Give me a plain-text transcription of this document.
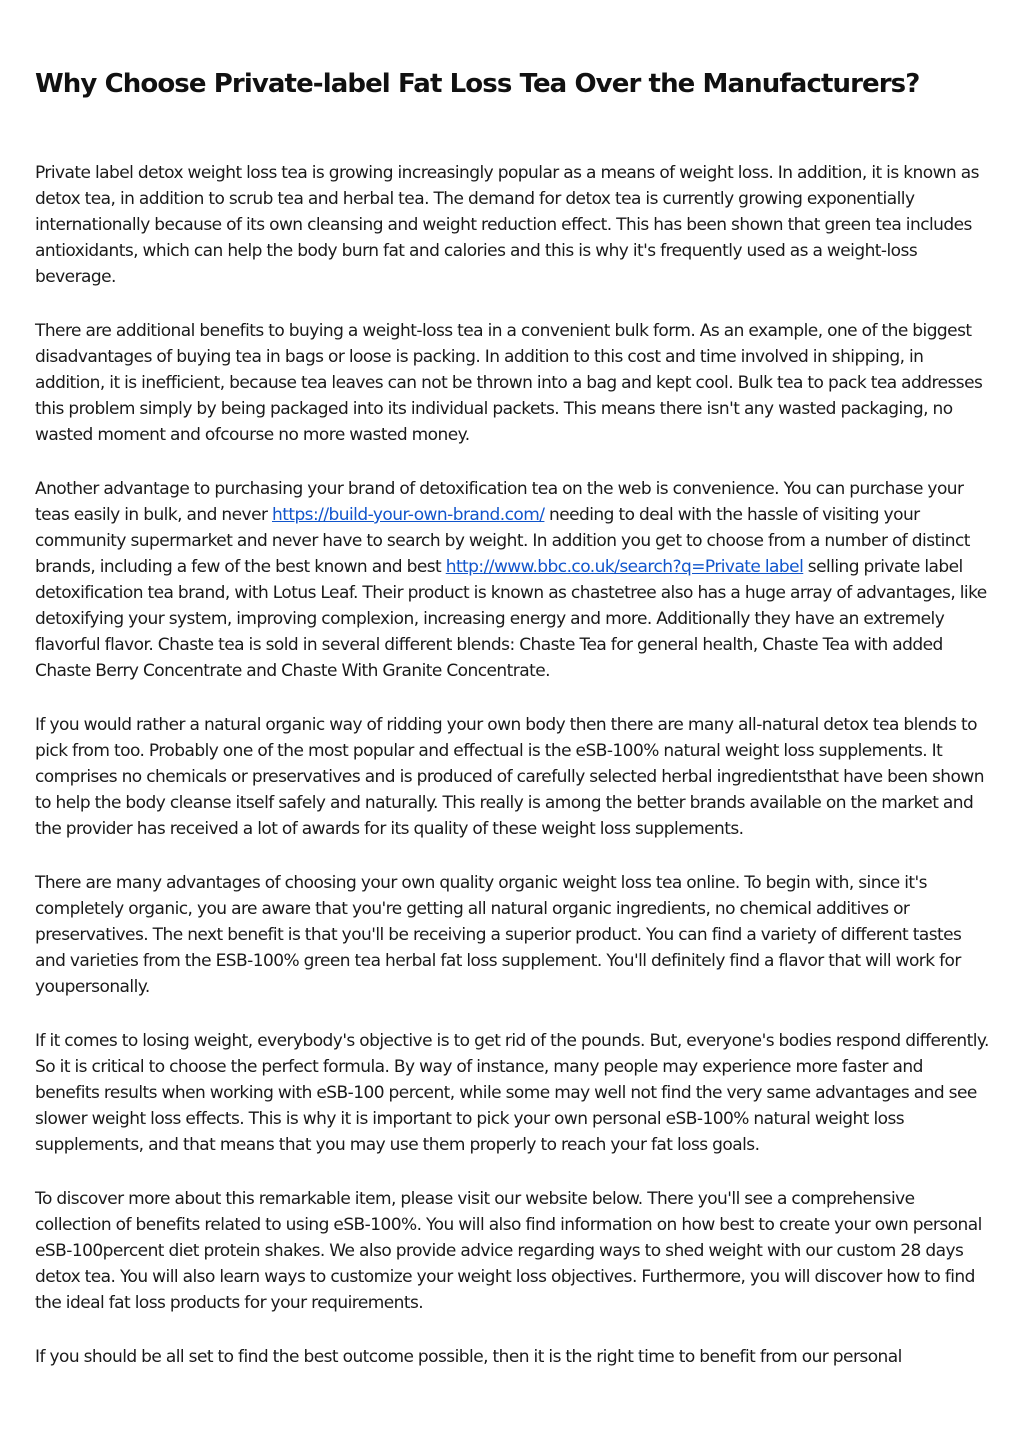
Why Choose Private-label Fat Loss Tea Over the Manufacturers?

Private label detox weight loss tea is growing increasingly popular as a means of weight loss. In addition, it is known as detox tea, in addition to scrub tea and herbal tea. The demand for detox tea is currently growing exponentially internationally because of its own cleansing and weight reduction effect. This has been shown that green tea includes antioxidants, which can help the body burn fat and calories and this is why it's frequently used as a weight-loss beverage.

There are additional benefits to buying a weight-loss tea in a convenient bulk form. As an example, one of the biggest disadvantages of buying tea in bags or loose is packing. In addition to this cost and time involved in shipping, in addition, it is inefficient, because tea leaves can not be thrown into a bag and kept cool. Bulk tea to pack tea addresses this problem simply by being packaged into its individual packets. This means there isn't any wasted packaging, no wasted moment and ofcourse no more wasted money.

Another advantage to purchasing your brand of detoxification tea on the web is convenience. You can purchase your teas easily in bulk, and never https://build-your-own-brand.com/ needing to deal with the hassle of visiting your community supermarket and never have to search by weight. In addition you get to choose from a number of distinct brands, including a few of the best known and best http://www.bbc.co.uk/search?q=Private label selling private label detoxification tea brand, with Lotus Leaf. Their product is known as chastetree also has a huge array of advantages, like detoxifying your system, improving complexion, increasing energy and more. Additionally they have an extremely flavorful flavor. Chaste tea is sold in several different blends: Chaste Tea for general health, Chaste Tea with added Chaste Berry Concentrate and Chaste With Granite Concentrate.

If you would rather a natural organic way of ridding your own body then there are many all-natural detox tea blends to pick from too. Probably one of the most popular and effectual is the eSB-100% natural weight loss supplements. It comprises no chemicals or preservatives and is produced of carefully selected herbal ingredientsthat have been shown to help the body cleanse itself safely and naturally. This really is among the better brands available on the market and the provider has received a lot of awards for its quality of these weight loss supplements.

There are many advantages of choosing your own quality organic weight loss tea online. To begin with, since it's completely organic, you are aware that you're getting all natural organic ingredients, no chemical additives or preservatives. The next benefit is that you'll be receiving a superior product. You can find a variety of different tastes and varieties from the ESB-100% green tea herbal fat loss supplement. You'll definitely find a flavor that will work for youpersonally.

If it comes to losing weight, everybody's objective is to get rid of the pounds. But, everyone's bodies respond differently. So it is critical to choose the perfect formula. By way of instance, many people may experience more faster and benefits results when working with eSB-100 percent, while some may well not find the very same advantages and see slower weight loss effects. This is why it is important to pick your own personal eSB-100% natural weight loss supplements, and that means that you may use them properly to reach your fat loss goals.

To discover more about this remarkable item, please visit our website below. There you'll see a comprehensive collection of benefits related to using eSB-100%. You will also find information on how best to create your own personal eSB-100percent diet protein shakes. We also provide advice regarding ways to shed weight with our custom 28 days detox tea. You will also learn ways to customize your weight loss objectives. Furthermore, you will discover how to find the ideal fat loss products for your requirements.

If you should be all set to find the best outcome possible, then it is the right time to benefit from our personal
